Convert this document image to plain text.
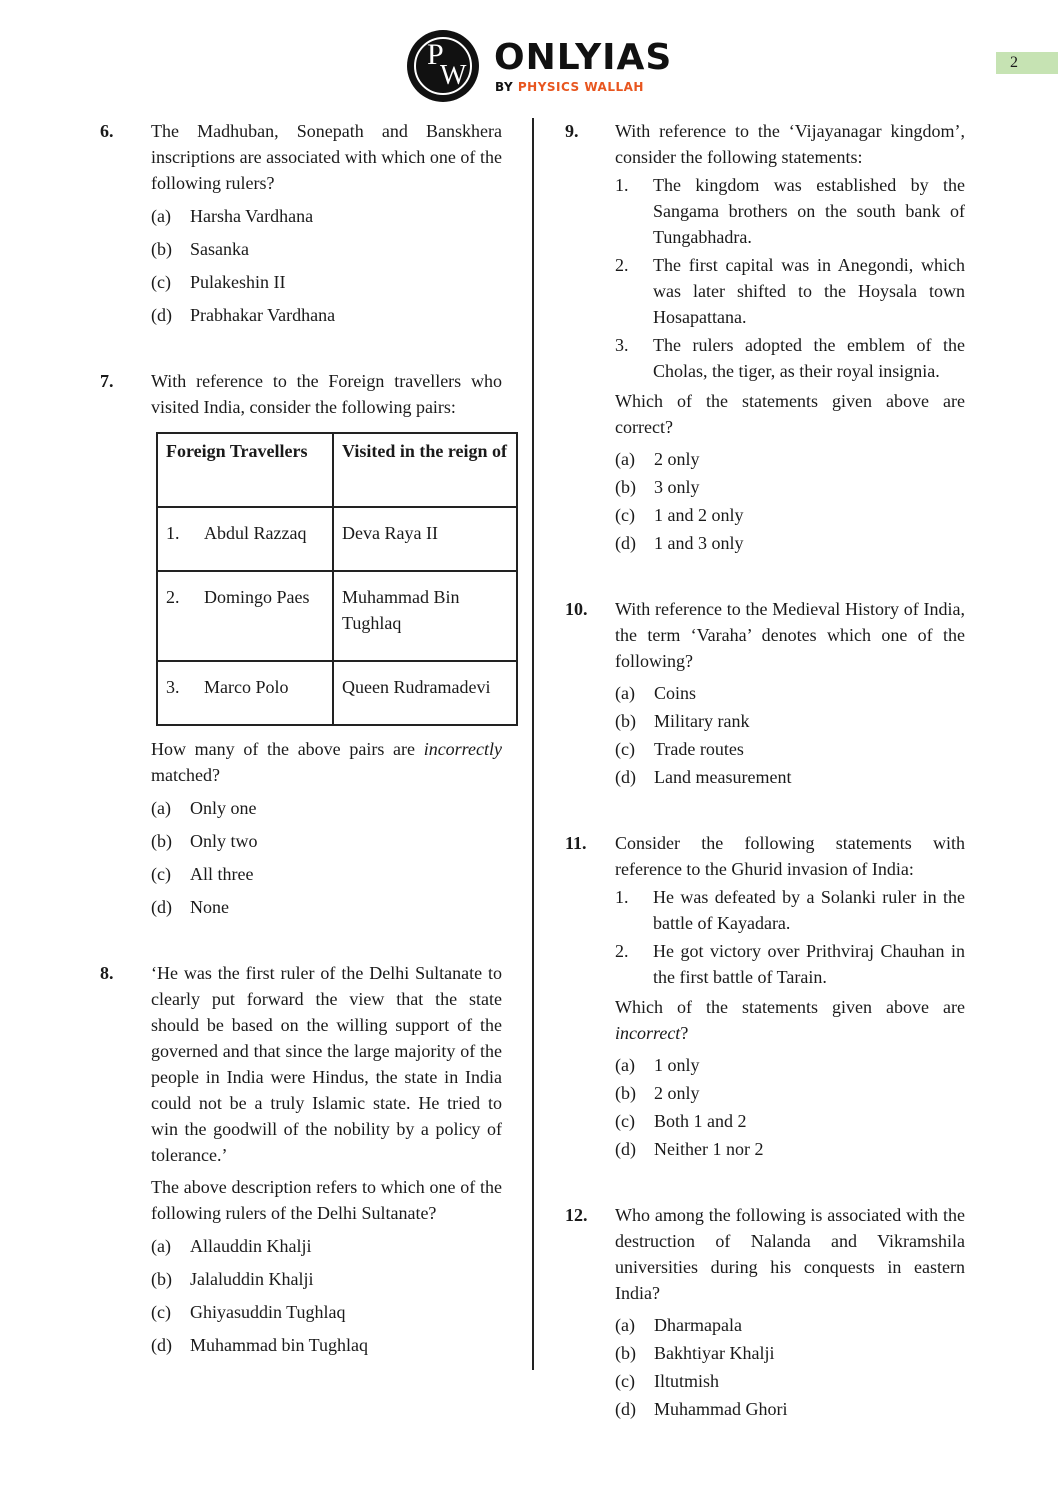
P
W ONLYIAS
BY PHYSICS WALLAH
2
6. The Madhuban, Sonepath and Banskhera inscriptions are associated with which one of the following rulers?
(a) Harsha Vardhana
(b) Sasanka
(c) Pulakeshin II
(d) Prabhakar Vardhana
7. With reference to the Foreign travellers who visited India, consider the following pairs:
Foreign Travellers	Visited in the reign of
1. Abdul Razzaq	Deva Raya II
2. Domingo Paes	Muhammad Bin Tughlaq
3. Marco Polo	Queen Rudramadevi
How many of the above pairs are incorrectly matched?
(a) Only one
(b) Only two
(c) All three
(d) None
8. ‘He was the first ruler of the Delhi Sultanate to clearly put forward the view that the state should be based on the willing support of the governed and that since the large majority of the people in India were Hindus, the state in India could not be a truly Islamic state. He tried to win the goodwill of the nobility by a policy of tolerance.’
The above description refers to which one of the following rulers of the Delhi Sultanate?
(a) Allauddin Khalji
(b) Jalaluddin Khalji
(c) Ghiyasuddin Tughlaq
(d) Muhammad bin Tughlaq
9. With reference to the ‘Vijayanagar kingdom’, consider the following statements:
1. The kingdom was established by the Sangama brothers on the south bank of Tungabhadra.
2. The first capital was in Anegondi, which was later shifted to the Hoysala town Hosapattana.
3. The rulers adopted the emblem of the Cholas, the tiger, as their royal insignia.
Which of the statements given above are correct?
(a) 2 only
(b) 3 only
(c) 1 and 2 only
(d) 1 and 3 only
10. With reference to the Medieval History of India, the term ‘Varaha’ denotes which one of the following?
(a) Coins
(b) Military rank
(c) Trade routes
(d) Land measurement
11. Consider the following statements with reference to the Ghurid invasion of India:
1. He was defeated by a Solanki ruler in the battle of Kayadara.
2. He got victory over Prithviraj Chauhan in the first battle of Tarain.
Which of the statements given above are incorrect?
(a) 1 only
(b) 2 only
(c) Both 1 and 2
(d) Neither 1 nor 2
12. Who among the following is associated with the destruction of Nalanda and Vikramshila universities during his conquests in eastern India?
(a) Dharmapala
(b) Bakhtiyar Khalji
(c) Iltutmish
(d) Muhammad Ghori
